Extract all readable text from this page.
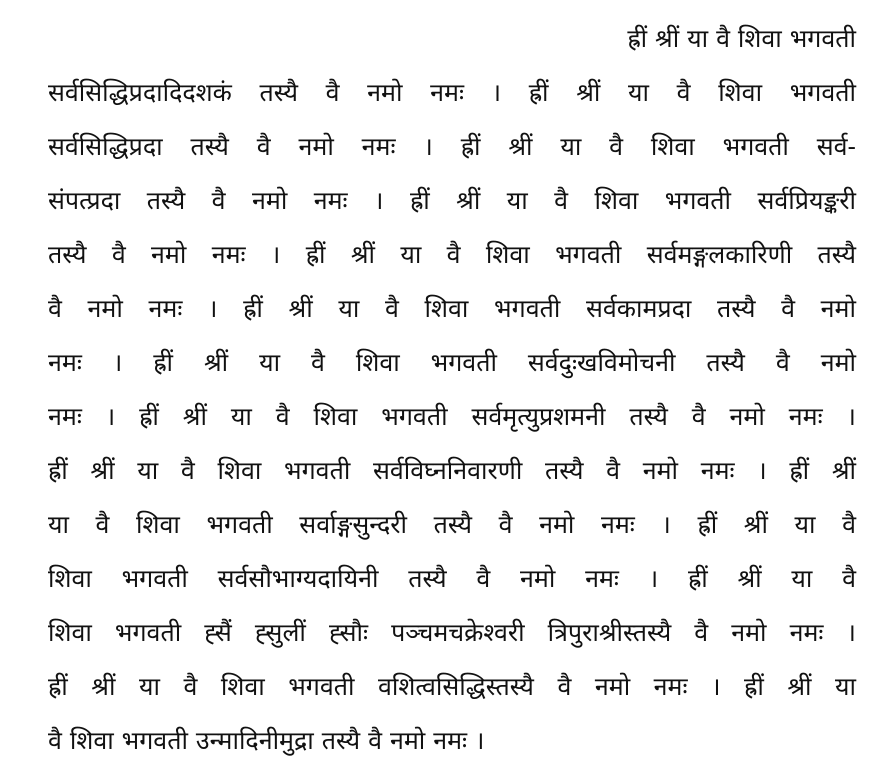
ह्रीं श्रीं या वै शिवा भगवती
सर्वसिद्धिप्रदादिदशकं तस्यै वै नमो नमः । ह्रीं श्रीं या वै शिवा भगवती
सर्वसिद्धिप्रदा तस्यै वै नमो नमः । ह्रीं श्रीं या वै शिवा भगवती सर्व-
संपत्प्रदा तस्यै वै नमो नमः । ह्रीं श्रीं या वै शिवा भगवती सर्वप्रियङ्करी
तस्यै वै नमो नमः । ह्रीं श्रीं या वै शिवा भगवती सर्वमङ्गलकारिणी तस्यै
वै नमो नमः । ह्रीं श्रीं या वै शिवा भगवती सर्वकामप्रदा तस्यै वै नमो
नमः । ह्रीं श्रीं या वै शिवा भगवती सर्वदुःखविमोचनी तस्यै वै नमो
नमः । ह्रीं श्रीं या वै शिवा भगवती सर्वमृत्युप्रशमनी तस्यै वै नमो नमः ।
ह्रीं श्रीं या वै शिवा भगवती सर्वविघ्ननिवारणी तस्यै वै नमो नमः । ह्रीं श्रीं
या वै शिवा भगवती सर्वाङ्गसुन्दरी तस्यै वै नमो नमः । ह्रीं श्रीं या वै
शिवा भगवती सर्वसौभाग्यदायिनी तस्यै वै नमो नमः । ह्रीं श्रीं या वै
शिवा भगवती ह्सैं ह्सुलीं ह्सौः पञ्चमचक्रेश्वरी त्रिपुराश्रीस्तस्यै वै नमो नमः ।
ह्रीं श्रीं या वै शिवा भगवती वशित्वसिद्धिस्तस्यै वै नमो नमः । ह्रीं श्रीं या
वै शिवा भगवती उन्मादिनीमुद्रा तस्यै वै नमो नमः ।
